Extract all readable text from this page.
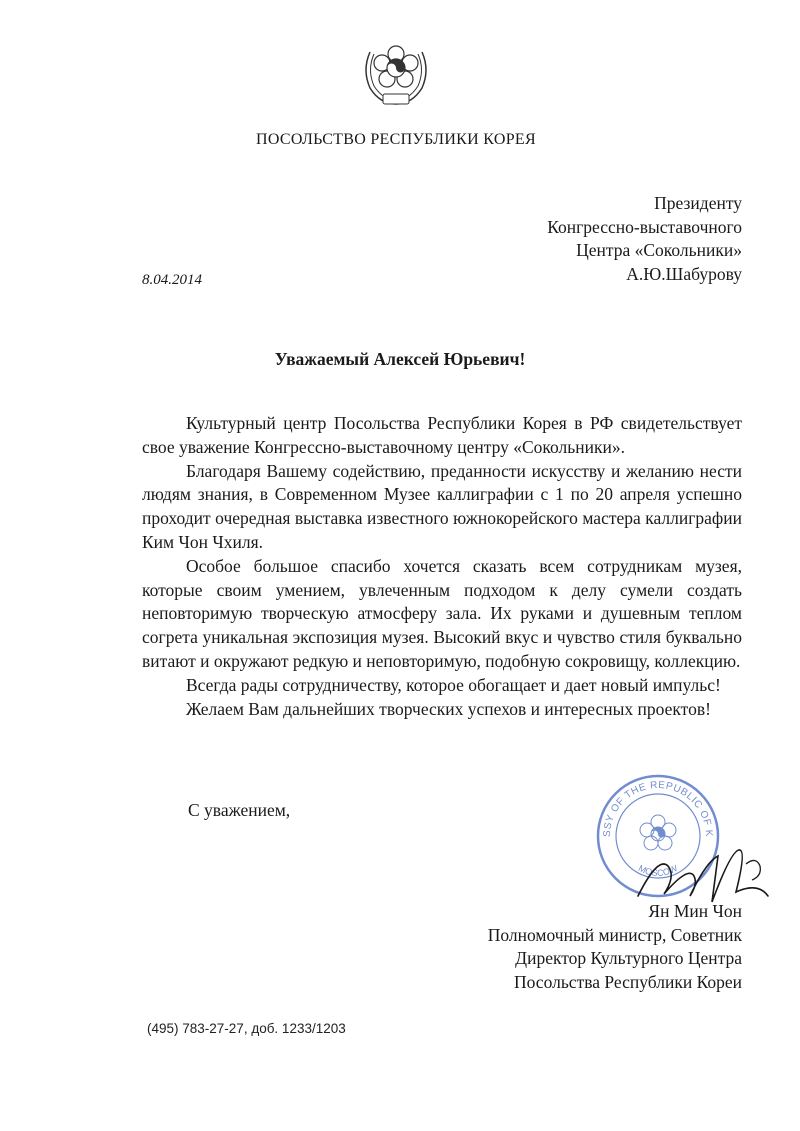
ПОСОЛЬСТВО РЕСПУБЛИКИ КОРЕЯ
Президенту
Конгрессно-выставочного
Центра «Сокольники»
А.Ю.Шабурову
8.04.2014
Уважаемый Алексей Юрьевич!

Культурный центр Посольства Республики Корея в РФ свидетельствует свое уважение Конгрессно-выставочному центру «Сокольники».

Благодаря Вашему содействию, преданности искусству и желанию нести людям знания, в Современном Музее каллиграфии с 1 по 20 апреля успешно проходит очередная выставка известного южнокорейского мастера каллиграфии Ким Чон Чхиля.

Особое большое спасибо хочется сказать всем сотрудникам музея, которые своим умением, увлеченным подходом к делу сумели создать неповторимую творческую атмосферу зала. Их руками и душевным теплом согрета уникальная экспозиция музея. Высокий вкус и чувство стиля буквально витают и окружают редкую и неповторимую, подобную сокровищу, коллекцию.

Всегда рады сотрудничеству, которое обогащает и дает новый импульс!

Желаем Вам дальнейших творческих успехов и интересных проектов!

С уважением,
SSY OF THE REPUBLIC OF K
MOSCOW
Ян Мин Чон
Полномочный министр, Советник
Директор Культурного Центра
Посольства Республики Кореи
(495) 783-27-27, доб. 1233/1203
